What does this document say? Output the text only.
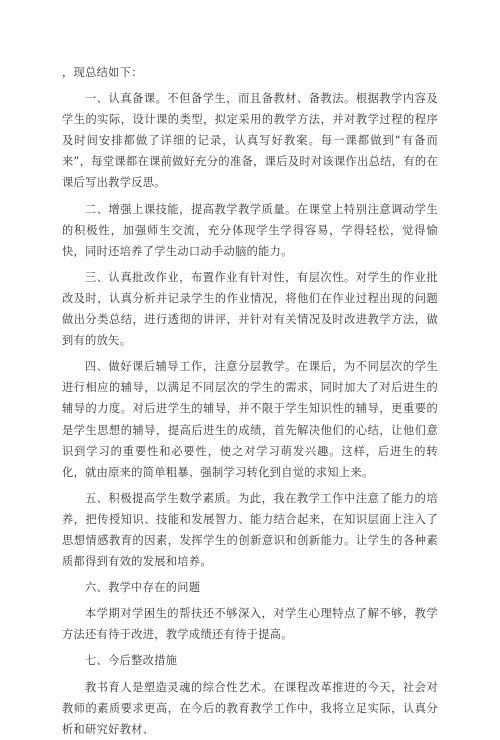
，现总结如下：

一、认真备课。不但备学生，而且备教材、备教法。根据教学内容及学生的实际，设计课的类型，拟定采用的教学方法，并对教学过程的程序及时间安排都做了详细的记录，认真写好教案。每一课都做到“有备而来”，每堂课都在课前做好充分的准备，课后及时对该课作出总结，有的在课后写出教学反思。

二、增强上课技能，提高教学教学质量。在课堂上特别注意调动学生的积极性，加强师生交流，充分体现学生学得容易，学得轻松，觉得愉快，同时还培养了学生动口动手动脑的能力。

三、认真批改作业，布置作业有针对性，有层次性。对学生的作业批改及时，认真分析并记录学生的作业情况，将他们在作业过程出现的问题做出分类总结，进行透彻的讲评，并针对有关情况及时改进教学方法，做到有的放矢。

四、做好课后辅导工作，注意分层教学。在课后，为不同层次的学生进行相应的辅导，以满足不同层次的学生的需求，同时加大了对后进生的辅导的力度。对后进学生的辅导，并不限于学生知识性的辅导，更重要的是学生思想的辅导，提高后进生的成绩，首先解决他们的心结，让他们意识到学习的重要性和必要性，使之对学习萌发兴趣。这样，后进生的转化，就由原来的简单粗暴、强制学习转化到自觉的求知上来。

五、积极提高学生数学素质。为此，我在教学工作中注意了能力的培养，把传授知识、技能和发展智力、能力结合起来，在知识层面上注入了思想情感教育的因素，发挥学生的创新意识和创新能力。让学生的各种素质都得到有效的发展和培养。

六、教学中存在的问题

本学期对学困生的帮扶还不够深入，对学生心理特点了解不够，教学方法还有待于改进，教学成绩还有待于提高。

七、今后整改措施

教书育人是塑造灵魂的综合性艺术。在课程改革推进的今天，社会对教师的素质要求更高，在今后的教育教学工作中，我将立足实际，认真分析和研究好教材、
